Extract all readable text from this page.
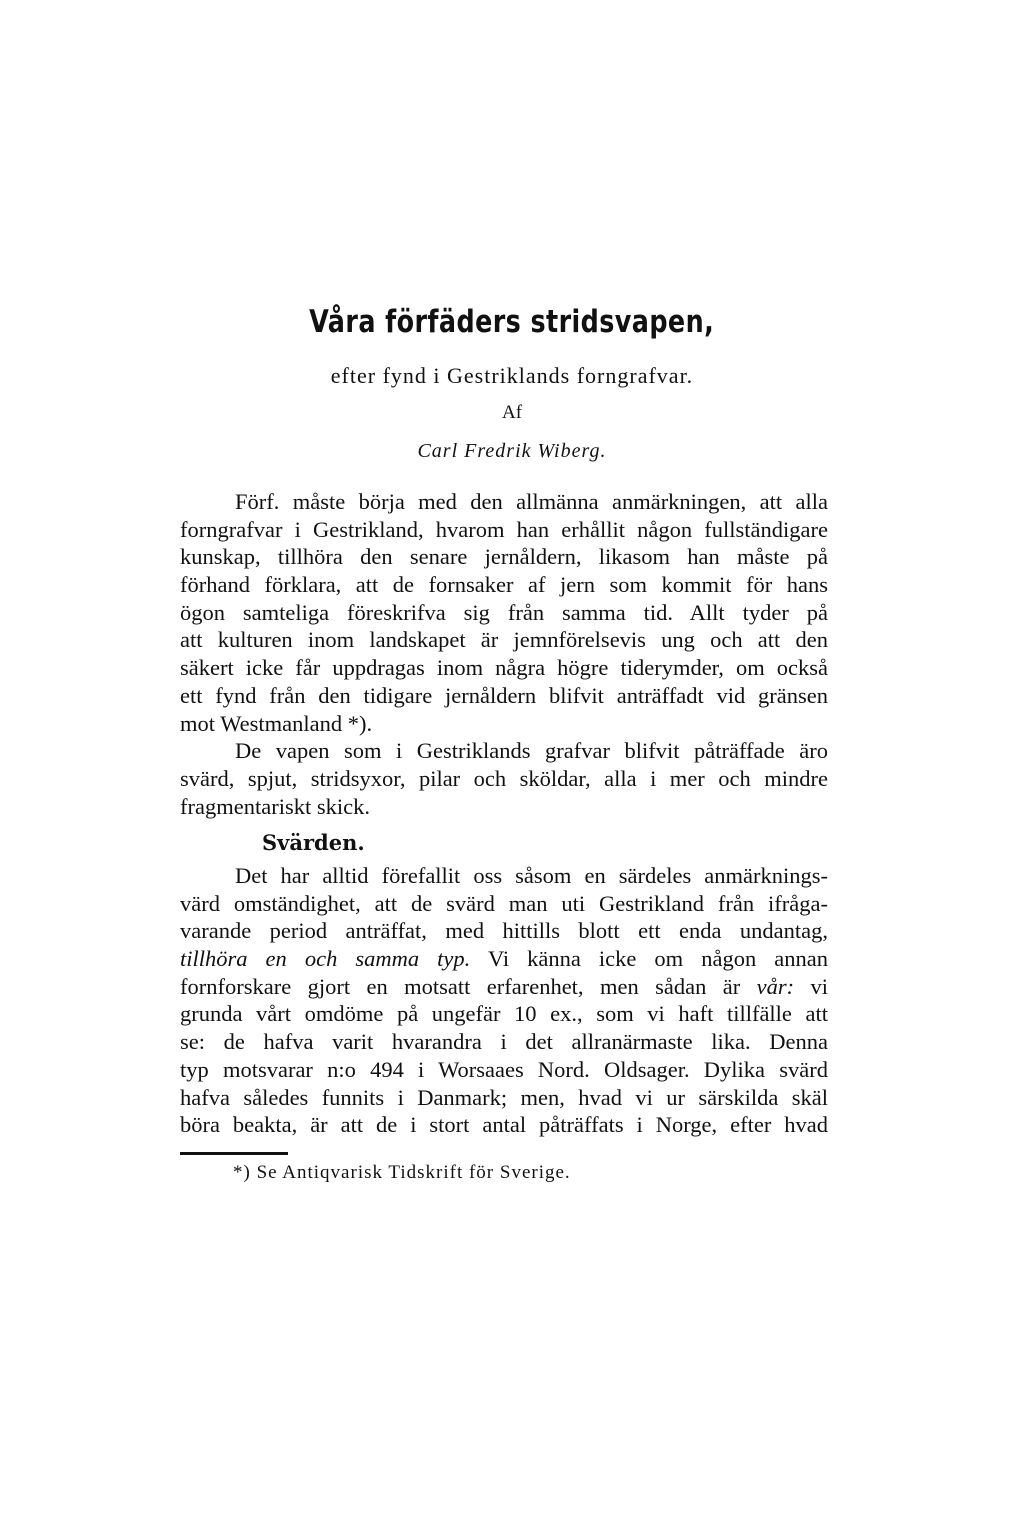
Våra förfäders stridsvapen,
efter fynd i Gestriklands forngrafvar.
Af
Carl Fredrik Wiberg.
Förf. måste börja med den allmänna anmärkningen, att alla
forngrafvar i Gestrikland, hvarom han erhållit någon fullständigare
kunskap, tillhöra den senare jernåldern, likasom han måste på
förhand förklara, att de fornsaker af jern som kommit för hans
ögon samteliga föreskrifva sig från samma tid. Allt tyder på
att kulturen inom landskapet är jemnförelsevis ung och att den
säkert icke får uppdragas inom några högre tiderymder, om också
ett fynd från den tidigare jernåldern blifvit anträffadt vid gränsen
mot Westmanland *).
De vapen som i Gestriklands grafvar blifvit påträffade äro
svärd, spjut, stridsyxor, pilar och sköldar, alla i mer och mindre
fragmentariskt skick.
Svärden.
Det har alltid förefallit oss såsom en särdeles anmärknings-
värd omständighet, att de svärd man uti Gestrikland från ifråga-
varande period anträffat, med hittills blott ett enda undantag,
tillhöra en och samma typ. Vi känna icke om någon annan
fornforskare gjort en motsatt erfarenhet, men sådan är vår: vi
grunda vårt omdöme på ungefär 10 ex., som vi haft tillfälle att
se: de hafva varit hvarandra i det allranärmaste lika. Denna
typ motsvarar n:o 494 i Worsaaes Nord. Oldsager. Dylika svärd
hafva således funnits i Danmark; men, hvad vi ur särskilda skäl
böra beakta, är att de i stort antal påträffats i Norge, efter hvad
*) Se Antiqvarisk Tidskrift för Sverige.
